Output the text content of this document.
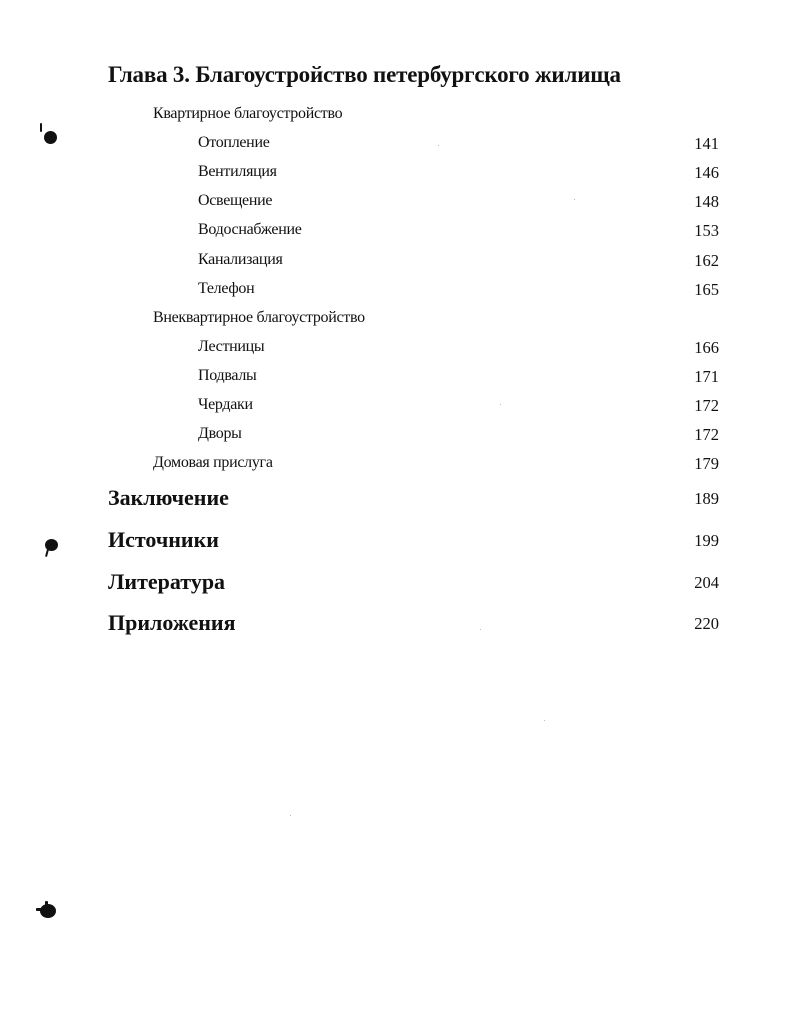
Глава 3. Благоустройство петербургского жилища
Квартирное благоустройство
Отопление	141
Вентиляция	146
Освещение	148
Водоснабжение	153
Канализация	162
Телефон	165
Внеквартирное благоустройство
Лестницы	166
Подвалы	171
Чердаки	172
Дворы	172
Домовая прислуга	179
Заключение	189
Источники	199
Литература	204
Приложения	220
